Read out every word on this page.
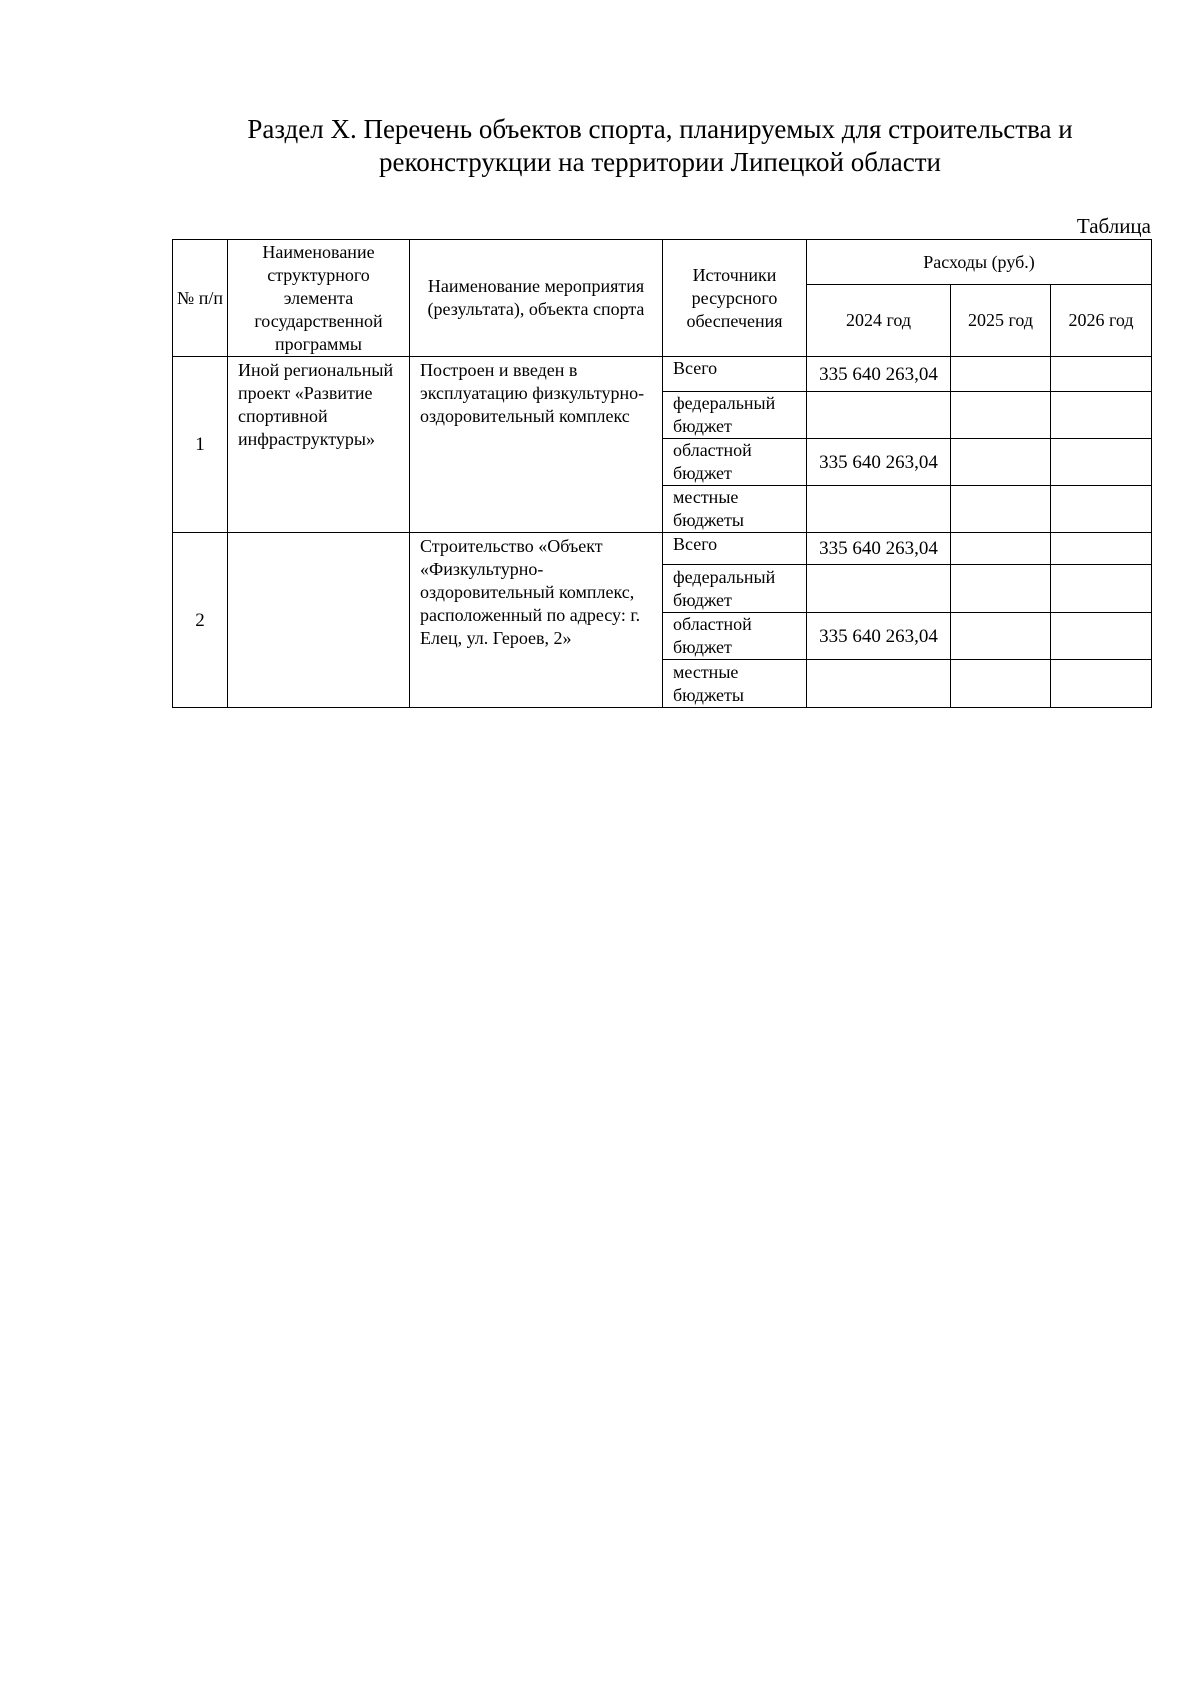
Раздел X. Перечень объектов спорта, планируемых для строительства и
реконструкции на территории Липецкой области
Таблица
№ п/п	Наименование структурного элемента государственной программы	Наименование мероприятия (результата), объекта спорта	Источники ресурсного обеспечения	Расходы (руб.)		
				2024 год	2025 год	2026 год
1	Иной региональный проект «Развитие спортивной инфраструктуры»	Построен и введен в эксплуатацию физкультурно-оздоровительный комплекс	Всего	335 640 263,04		
			федеральный бюджет			
			областной бюджет	335 640 263,04		
			местные бюджеты			
2		Строительство «Объект «Физкультурно-оздоровительный комплекс, расположенный по адресу: г. Елец, ул. Героев, 2»	Всего	335 640 263,04		
			федеральный бюджет			
			областной бюджет	335 640 263,04		
			местные бюджеты			
